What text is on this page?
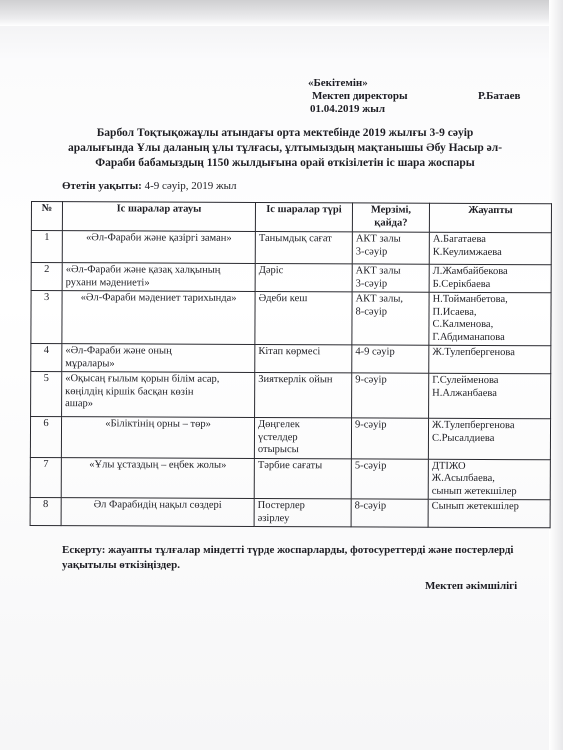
«Бекітемін»
Мектеп директоры	Р.Батаев
01.04.2019 жыл
Барбол Тоқтықожаұлы атындағы орта мектебінде 2019 жылғы 3-9 сәуір
аралығында Ұлы даланың ұлы тұлғасы, ұлтымыздың мақтанышы Әбу Насыр әл-
Фараби бабамыздың 1150 жылдығына орай өткізілетін іс шара жоспары
Өтетін уақыты: 4-9 сәуір, 2019 жыл
№	Іс шаралар атауы	Іс шаралар түрі	Мерзімі, қайда?	Жауапты
1	«Әл-Фараби және қазіргі заман»	Танымдық сағат	АКТ залы
3-сәуір	А.Багатаева
К.Кеулимжаева

2	«Әл-Фараби және қазақ халқының
рухани мәдениеті»	Дәріс	АКТ залы
3-сәуір	Л.Жамбайбекова
Б.Серікбаева

3	«Әл-Фараби мәдениет тарихында»	Әдеби кеш	АКТ залы,
8-сәуір	Н.Тойманбетова,
П.Исаева,
С.Калменова,
Г.Абдиманапова

4	«Әл-Фараби және оның
мұралары»	Кітап көрмесі	4-9 сәуір	Ж.Тулепбергенова

5	«Оқысаң ғылым қорын білім асар,
көңілдің кіршік басқан көзін
ашар»	Зияткерлік ойын	9-сәуір	Г.Сулейменова
Н.Алжанбаева

6	«Біліктінің орны – төр»	Дөңгелек
үстелдер
отырысы	9-сәуір	Ж.Тулепбергенова
С.Рысалдиева

7	«Ұлы ұстаздың – еңбек жолы»	Тәрбие сағаты	5-сәуір	ДТІЖО
Ж.Асылбаева,
сынып жетекшілер

8	Әл Фарабидің нақыл сөздері	Постерлер
әзірлеу	8-сәуір	Сынып жетекшілер
Ескерту: жауапты тұлғалар міндетті түрде жоспарларды, фотосуреттерді және постерлерді уақытылы өткізіңіздер.
Мектеп әкімшілігі
